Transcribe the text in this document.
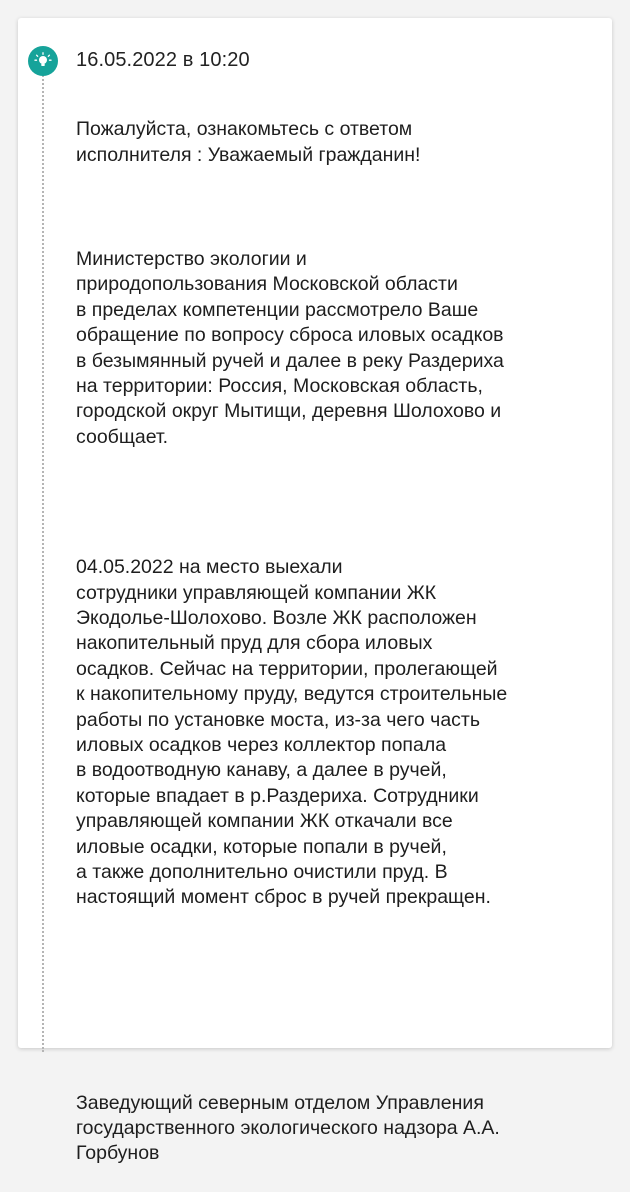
16.05.2022 в 10:20

Пожалуйста, ознакомьтесь с ответом
исполнителя : Уважаемый гражданин!

Министерство экологии и
природопользования Московской области
в пределах компетенции рассмотрело Ваше
обращение по вопросу сброса иловых осадков
в безымянный ручей и далее в реку Раздериха
на территории: Россия, Московская область,
городской округ Мытищи, деревня Шолохово и
сообщает.

04.05.2022 на место выехали
сотрудники управляющей компании ЖК
Экодолье-Шолохово. Возле ЖК расположен
накопительный пруд для сбора иловых
осадков. Сейчас на территории, пролегающей
к накопительному пруду, ведутся строительные
работы по установке моста, из-за чего часть
иловых осадков через коллектор попала
в водоотводную канаву, а далее в ручей,
которые впадает в р.Раздериха. Сотрудники
управляющей компании ЖК откачали все
иловые осадки, которые попали в ручей,
а также дополнительно очистили пруд. В
настоящий момент сброс в ручей прекращен.

Заведующий северным отделом Управления
государственного экологического надзора А.А.
Горбунов
